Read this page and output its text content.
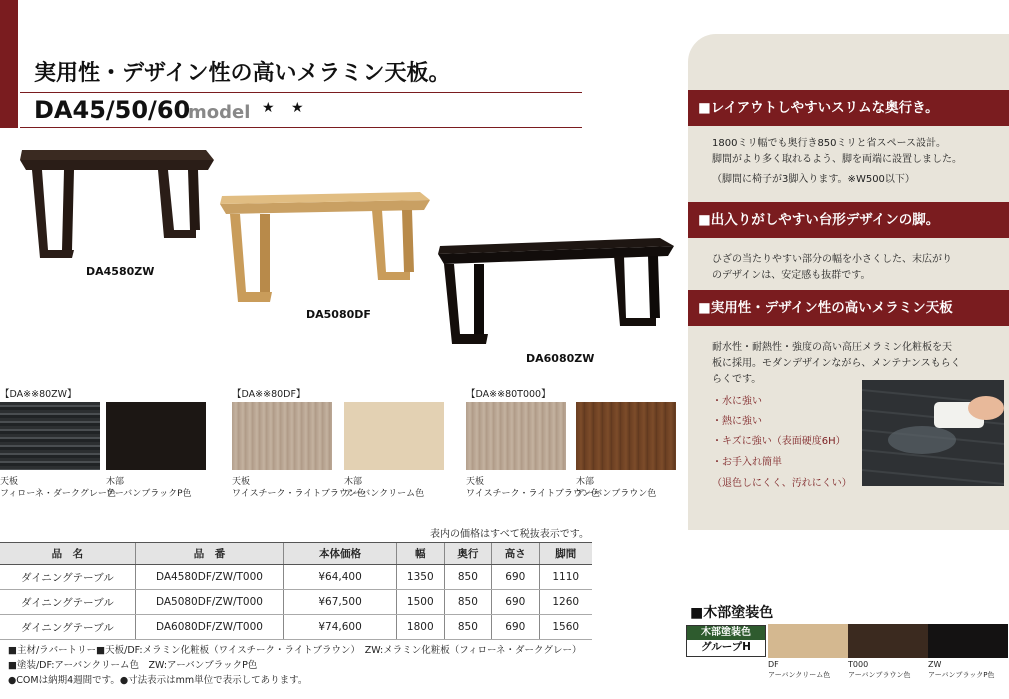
実用性・デザイン性の高いメラミン天板。
DA45/50/60
model ★ ★
DA4580ZW
DA5080DF
DA6080ZW
【DA※※80ZW】
天板
フィローネ・ダークグレー色
木部
アーバンブラックP色
【DA※※80DF】
天板
ワイスチーク・ライトブラウン色
木部
アーバンクリーム色
【DA※※80T000】
天板
ワイスチーク・ライトブラウン色
木部
アーバンブラウン色
表内の価格はすべて税抜表示です。
品　名	品　番	本体価格	幅	奥行	高さ	脚間
ダイニングテーブル	DA4580DF/ZW/T000	¥64,400	1350	850	690	1110
ダイニングテーブル	DA5080DF/ZW/T000	¥67,500	1500	850	690	1260
ダイニングテーブル	DA6080DF/ZW/T000	¥74,600	1800	850	690	1560
■主材/ラバートリー■天板/DF:メラミン化粧板（ワイスチーク・ライトブラウン）　ZW:メラミン化粧板（フィローネ・ダークグレー）
■塗装/DF:アーバンクリーム色　ZW:アーバンブラックP色
●COMは納期4週間です。●寸法表示はmm単位で表示してあります。
■レイアウトしやすいスリムな奥行き。
1800ミリ幅でも奥行き850ミリと省スペース設計。
脚間がより多く取れるよう、脚を両端に設置しました。
（脚間に椅子が3脚入ります。※W500以下）
■出入りがしやすい台形デザインの脚。
ひざの当たりやすい部分の幅を小さくした、末広がり
のデザインは、安定感も抜群です。
■実用性・デザイン性の高いメラミン天板
耐水性・耐熱性・強度の高い高圧メラミン化粧板を天
板に採用。モダンデザインながら、メンテナンスもらく
らくです。
・水に強い
・熱に強い
・キズに強い（表面硬度6H）
・お手入れ簡単
（退色しにくく、汚れにくい）
■木部塗装色
木部塗装色
グループH
DF
アーバンクリーム色
T000
アーバンブラウン色
ZW
アーバンブラックP色
